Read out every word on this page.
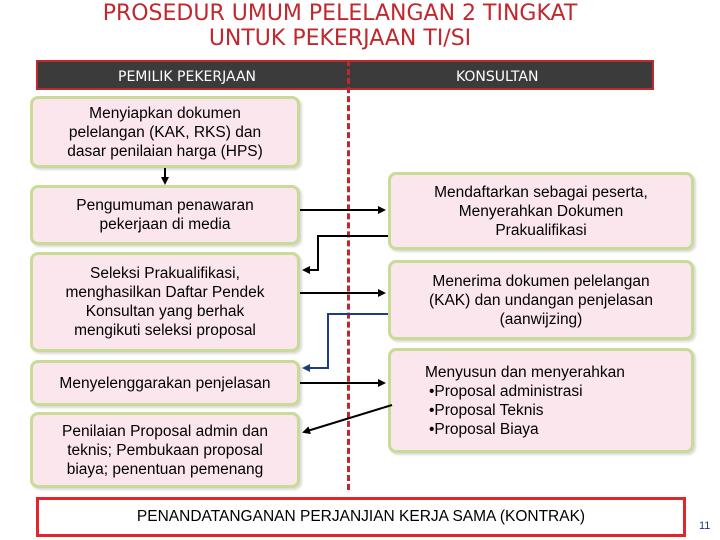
PROSEDUR UMUM PELELANGAN 2 TINGKAT
UNTUK PEKERJAAN TI/SI
PEMILIK PEKERJAAN	KONSULTAN
Menyiapkan dokumen
pelelangan (KAK, RKS) dan
dasar penilaian harga (HPS)
Pengumuman penawaran
pekerjaan di media
Seleksi Prakualifikasi,
menghasilkan Daftar Pendek
Konsultan yang berhak
mengikuti seleksi proposal
Menyelenggarakan penjelasan
Penilaian Proposal admin dan
teknis; Pembukaan proposal
biaya; penentuan pemenang
Mendaftarkan sebagai peserta,
Menyerahkan Dokumen
Prakualifikasi
Menerima dokumen pelelangan
(KAK) dan undangan penjelasan
(aanwijzing)
Menyusun dan menyerahkan
•Proposal administrasi
•Proposal Teknis
•Proposal Biaya
PENANDATANGANAN PERJANJIAN KERJA SAMA (KONTRAK)
11
